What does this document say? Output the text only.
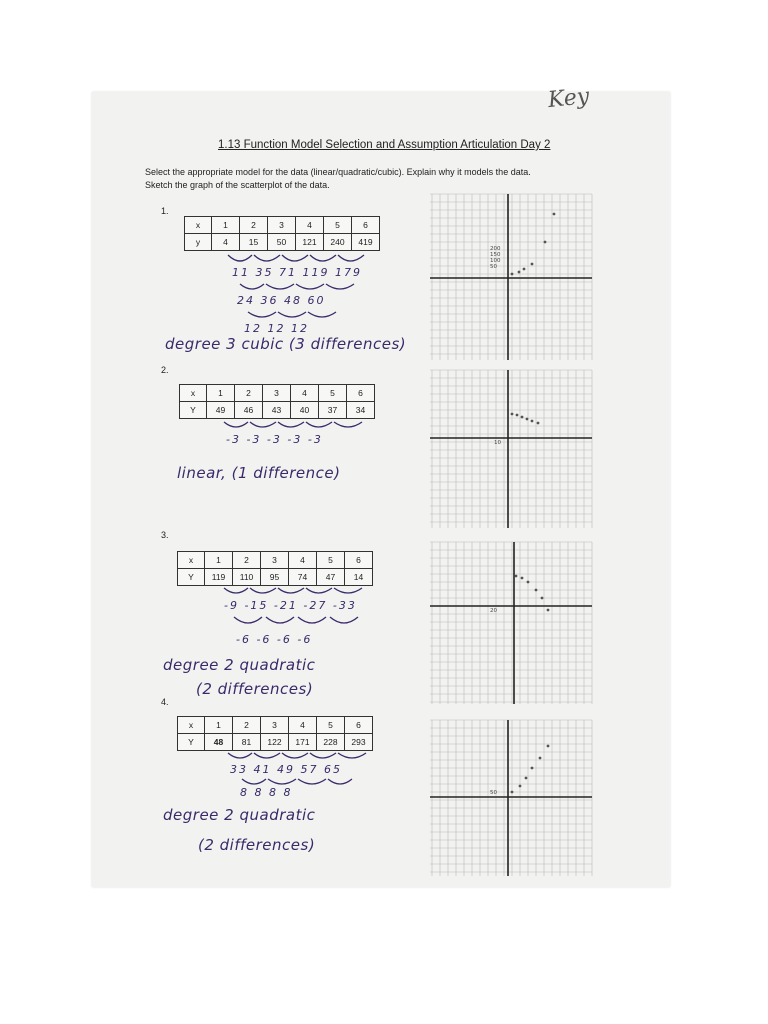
Key
1.13 Function Model Selection and Assumption Articulation Day 2
Select the appropriate model for the data (linear/quadratic/cubic). Explain why it models the data.
Sketch the graph of the scatterplot of the data.
1.
x	1	2	3	4	5	6
y	4	15	50	121	240	419
11 35 71 119 179
24 36 48 60
12 12 12
degree 3 cubic (3 differences)
2.
x	1	2	3	4	5	6
Y	49	46	43	40	37	34
-3 -3 -3 -3 -3
linear, (1 difference)
3.
x	1	2	3	4	5	6
Y	119	110	95	74	47	14
-9 -15 -21 -27 -33
-6 -6 -6 -6
degree 2 quadratic
(2 differences)
4.
x	1	2	3	4	5	6
Y	48	81	122	171	228	293
33 41 49 57 65
8 8 8 8
degree 2 quadratic
(2 differences)
200
150
100
50
10
20
50
